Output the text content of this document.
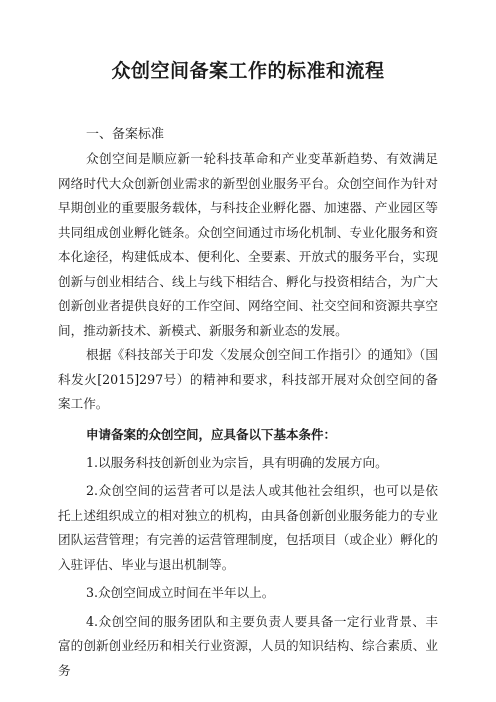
众创空间备案工作的标准和流程

一、备案标准

众创空间是顺应新一轮科技革命和产业变革新趋势、有效满足网络时代大众创新创业需求的新型创业服务平台。众创空间作为针对早期创业的重要服务载体，与科技企业孵化器、加速器、产业园区等共同组成创业孵化链条。众创空间通过市场化机制、专业化服务和资本化途径，构建低成本、便利化、全要素、开放式的服务平台，实现创新与创业相结合、线上与线下相结合、孵化与投资相结合，为广大创新创业者提供良好的工作空间、网络空间、社交空间和资源共享空间，推动新技术、新模式、新服务和新业态的发展。

根据《科技部关于印发〈发展众创空间工作指引〉的通知》（国科发火[2015]297号）的精神和要求，科技部开展对众创空间的备案工作。

申请备案的众创空间，应具备以下基本条件：

1.以服务科技创新创业为宗旨，具有明确的发展方向。

2.众创空间的运营者可以是法人或其他社会组织，也可以是依托上述组织成立的相对独立的机构，由具备创新创业服务能力的专业团队运营管理；有完善的运营管理制度，包括项目（或企业）孵化的入驻评估、毕业与退出机制等。

3.众创空间成立时间在半年以上。

4.众创空间的服务团队和主要负责人要具备一定行业背景、丰富的创新创业经历和相关行业资源，人员的知识结构、综合素质、业务
